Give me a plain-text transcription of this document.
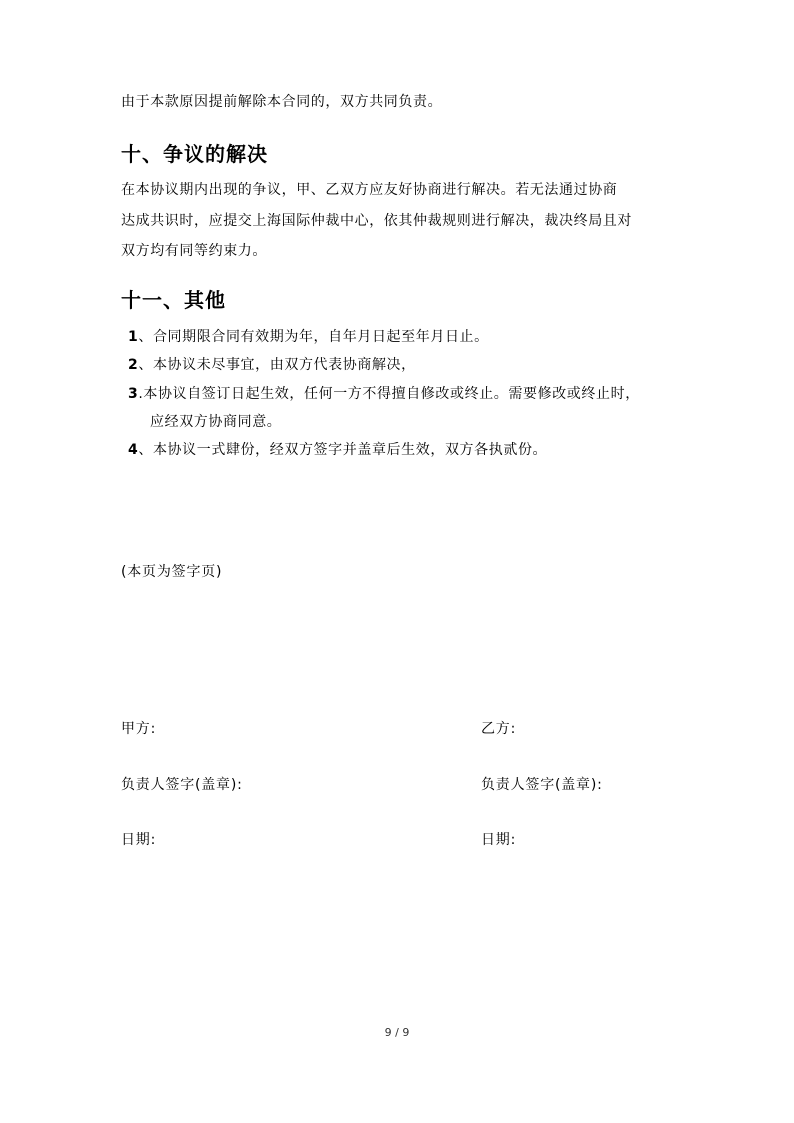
由于本款原因提前解除本合同的，双方共同负责。
十、争议的解决
在本协议期内出现的争议，甲、乙双方应友好协商进行解决。若无法通过协商
达成共识时，应提交上海国际仲裁中心，依其仲裁规则进行解决，裁决终局且对
双方均有同等约束力。
十一、其他
1、合同期限合同有效期为年，自年月日起至年月日止。
2、本协议未尽事宜，由双方代表协商解决，
3.本协议自签订日起生效，任何一方不得擅自修改或终止。需要修改或终止时，
应经双方协商同意。
4、本协议一式肆份，经双方签字并盖章后生效，双方各执贰份。
(本页为签字页)
甲方:	乙方:
负责人签字(盖章):	负责人签字(盖章):
日期:	日期:
9 / 9
